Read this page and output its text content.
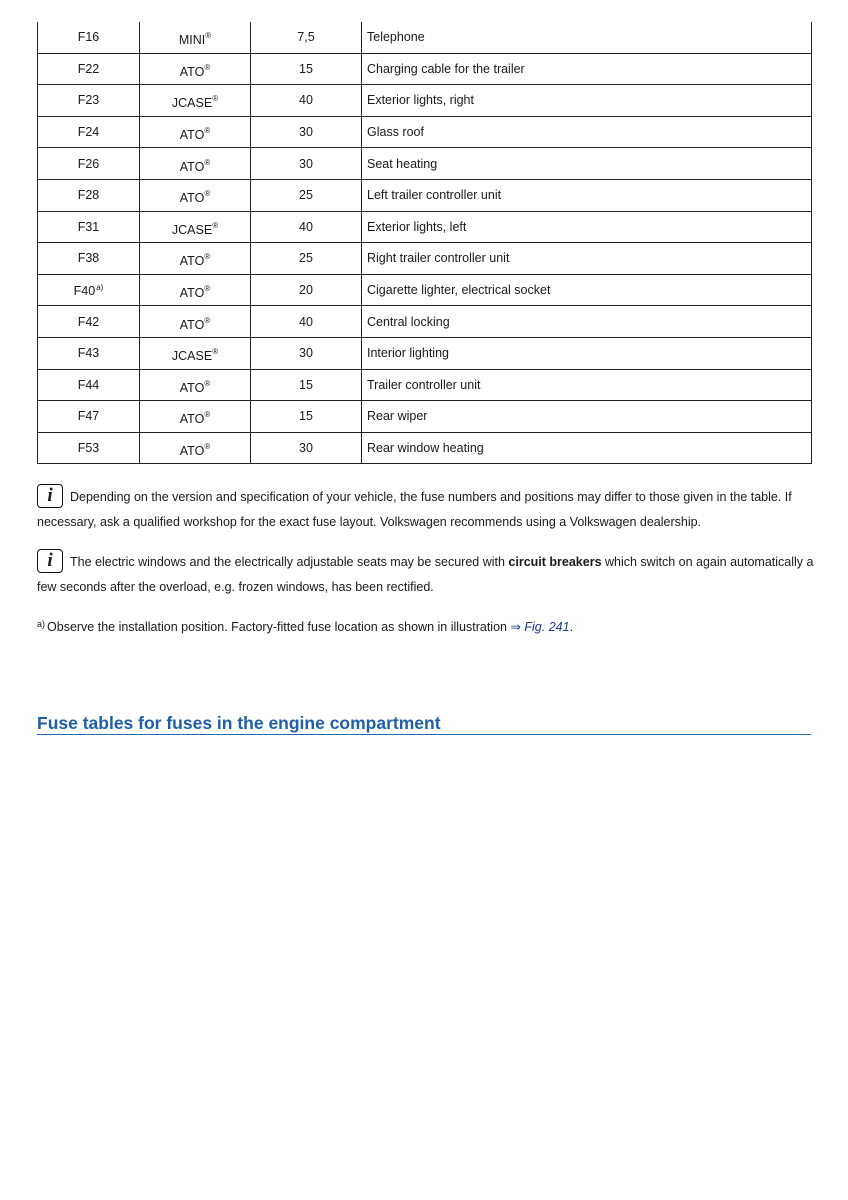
F16	MINI®	7,5	Telephone
F22	ATO®	15	Charging cable for the trailer
F23	JCASE®	40	Exterior lights, right
F24	ATO®	30	Glass roof
F26	ATO®	30	Seat heating
F28	ATO®	25	Left trailer controller unit
F31	JCASE®	40	Exterior lights, left
F38	ATO®	25	Right trailer controller unit
F40$^{a)}$	ATO®	20	Cigarette lighter, electrical socket
F42	ATO®	40	Central locking
F43	JCASE®	30	Interior lighting
F44	ATO®	15	Trailer controller unit
F47	ATO®	15	Rear wiper
F53	ATO®	30	Rear window heating
i Depending on the version and specification of your vehicle, the fuse numbers and positions may differ to those given in the table. If necessary, ask a qualified workshop for the exact fuse layout. Volkswagen recommends using a Volkswagen dealership.
i The electric windows and the electrically adjustable seats may be secured with circuit breakers which switch on again automatically a few seconds after the overload, e.g. frozen windows, has been rectified.
$^{a)}$ Observe the installation position. Factory-fitted fuse location as shown in illustration ⇒ Fig. 241.
Fuse tables for fuses in the engine compartment
